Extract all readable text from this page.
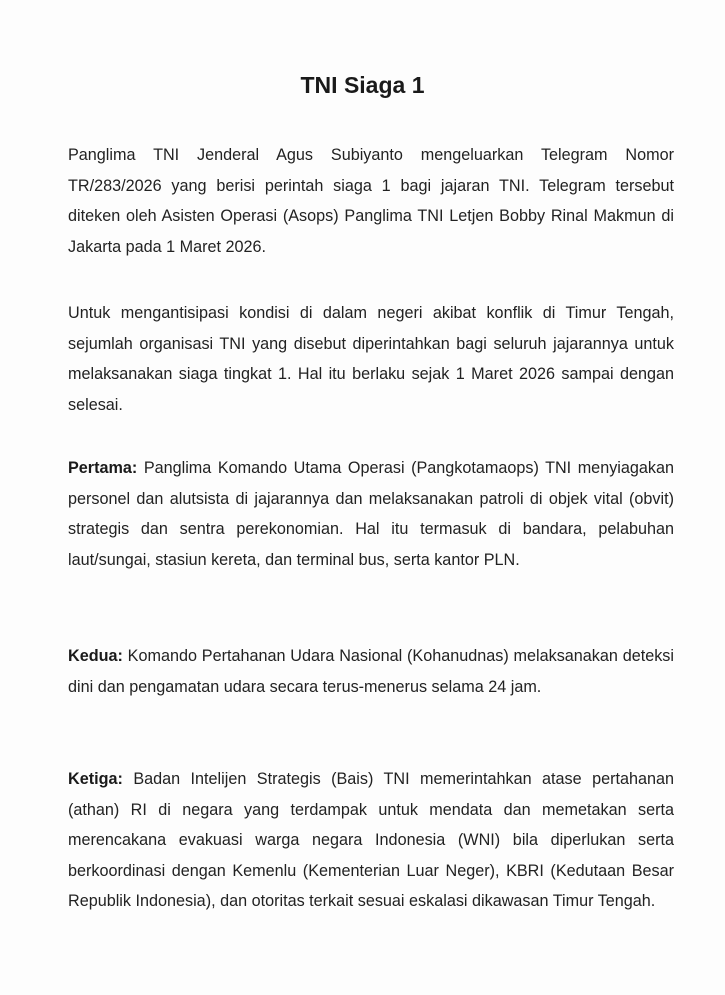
TNI Siaga 1

Panglima TNI Jenderal Agus Subiyanto mengeluarkan Telegram Nomor TR/283/2026 yang berisi perintah siaga 1 bagi jajaran TNI. Telegram tersebut diteken oleh Asisten Operasi (Asops) Panglima TNI Letjen Bobby Rinal Makmun di Jakarta pada 1 Maret 2026.

Untuk mengantisipasi kondisi di dalam negeri akibat konflik di Timur Tengah, sejumlah organisasi TNI yang disebut diperintahkan bagi seluruh jajarannya untuk melaksanakan siaga tingkat 1. Hal itu berlaku sejak 1 Maret 2026 sampai dengan selesai.

Pertama: Panglima Komando Utama Operasi (Pangkotamaops) TNI menyiagakan personel dan alutsista di jajarannya dan melaksanakan patroli di objek vital (obvit) strategis dan sentra perekonomian. Hal itu termasuk di bandara, pelabuhan laut/sungai, stasiun kereta, dan terminal bus, serta kantor PLN.

Kedua: Komando Pertahanan Udara Nasional (Kohanudnas) melaksanakan deteksi dini dan pengamatan udara secara terus-menerus selama 24 jam.

Ketiga: Badan Intelijen Strategis (Bais) TNI memerintahkan atase pertahanan (athan) RI di negara yang terdampak untuk mendata dan memetakan serta merencakana evakuasi warga negara Indonesia (WNI) bila diperlukan serta berkoordinasi dengan Kemenlu (Kementerian Luar Neger), KBRI (Kedutaan Besar Republik Indonesia), dan otoritas terkait sesuai eskalasi dikawasan Timur Tengah.
